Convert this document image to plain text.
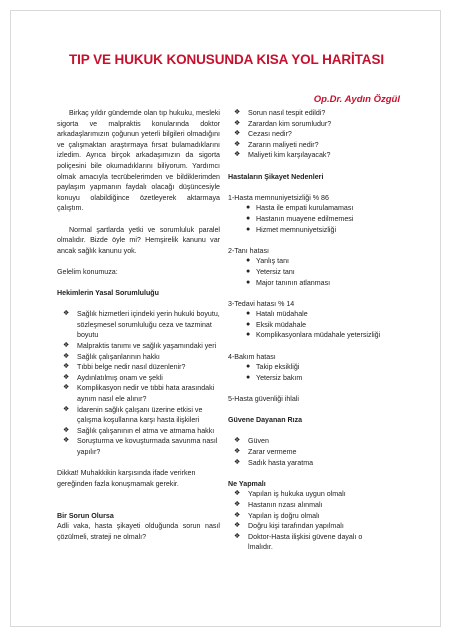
TIP VE HUKUK KONUSUNDA KISA YOL HARİTASI
Op.Dr. Aydın Özgül

Birkaç yıldır gündemde olan tıp hukuku, mesleki sigorta ve malpraktis konularında doktor arkadaşlarımızın çoğunun yeterli bilgileri olmadığını ve çalışmaktan araştırmaya fırsat bulamadıklarını izledim. Ayrıca birçok arkadaşımızın da sigorta poliçesini bile okumadıklarını biliyorum. Yardımcı olmak amacıyla tecrübelerimden ve bildiklerimden paylaşım yapmanın faydalı olacağı düşüncesiyle konuyu olabildiğince özetleyerek aktarmaya çalıştım.

Normal şartlarda yetki ve sorumluluk paralel olmalıdır. Bizde öyle mi? Hemşirelik kanunu var ancak sağlık kanunu yok.

Gelelim konumuza:

Hekimlerin Yasal Sorumluluğu

❖ Sağlık hizmetleri içindeki yerin hukuki boyutu, sözleşmesel sorumluluğu ceza ve tazminat boyutu
❖ Malpraktis tanımı ve sağlık yaşamındaki yeri
❖ Sağlık çalışanlarının hakkı
❖ Tıbbi belge nedir nasıl düzenlenir?
❖ Aydınlatılmış onam ve şekli
❖ Komplikasyon nedir ve tıbbi hata arasındaki aynım nasıl ele alınır?
❖ İdarenin sağlık çalışanı üzerine etkisi ve çalışma koşullarına karşı hasta ilişkileri
❖ Sağlık çalışanının el atma ve atmama hakkı
❖ Soruşturma ve kovuşturmada savunma nasıl yapılır?

Dikkat! Muhakkikin karşısında ifade verirken gereğinden fazla konuşmamak gerekir.

Bir Sorun Olursa

Adli vaka, hasta şikayeti olduğunda sorun nasıl çözülmeli, strateji ne olmalı?

❖ Sorun nasıl tespit edildi?
❖ Zarardan kim sorumludur?
❖ Cezası nedir?
❖ Zararın maliyeti nedir?
❖ Maliyeti kim karşılayacak?

Hastaların Şikayet Nedenleri

1-Hasta memnuniyetsizliği % 86

● Hasta ile empati kurulamaması
● Hastanın muayene edilmemesi
● Hizmet memnuniyetsizliği

2-Tanı hatası

● Yanlış tanı
● Yetersiz tanı
● Major tanının atlanması

3-Tedavi hatası % 14

● Hatalı müdahale
● Eksik müdahale
● Komplikasyonlara müdahale yetersizliği

4-Bakım hatası

● Takip eksikliği
● Yetersiz bakım

5-Hasta güvenliği ihlali

Güvene Dayanan Rıza

❖ Güven
❖ Zarar vermeme
❖ Sadık hasta yaratma

Ne Yapmalı

❖ Yapılan iş hukuka uygun olmalı
❖ Hastanın rızası alınmalı
❖ Yapılan iş doğru olmalı
❖ Doğru kişi tarafından yapılmalı
❖ Doktor-Hasta ilişkisi güvene dayalı o lmalıdır.
